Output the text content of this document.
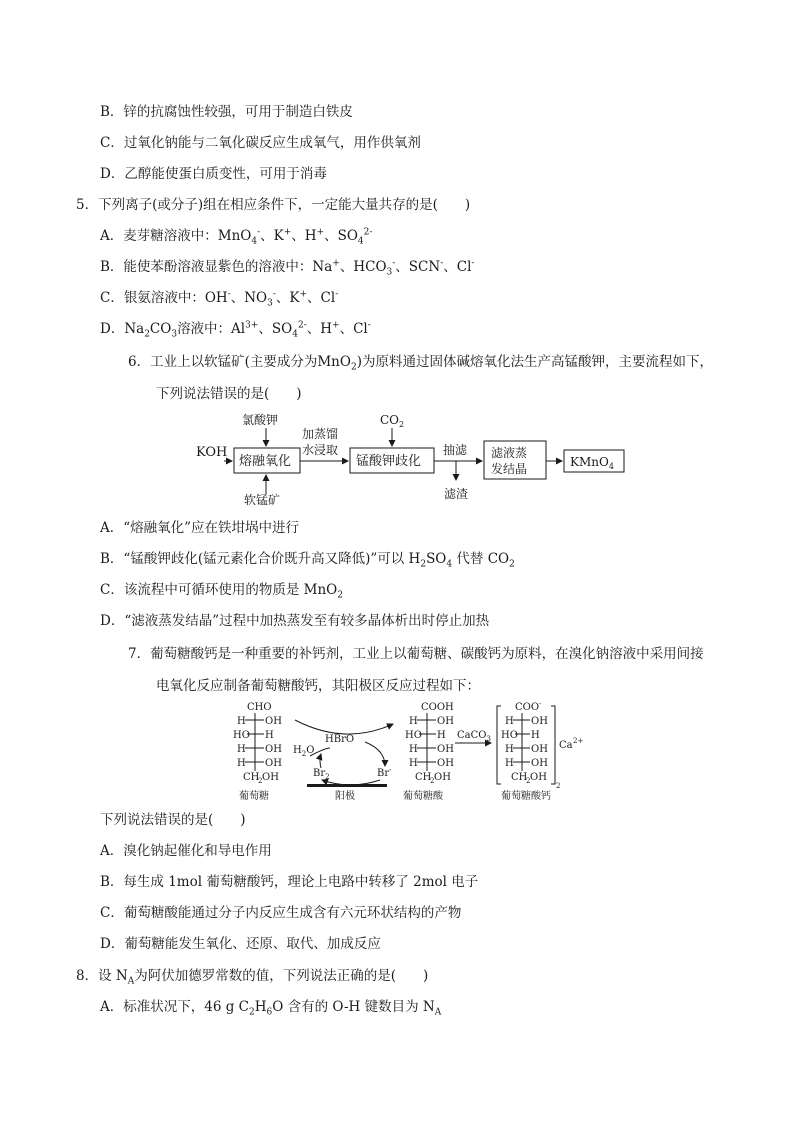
B．锌的抗腐蚀性较强，可用于制造白铁皮
C．过氧化钠能与二氧化碳反应生成氧气，用作供氧剂
D．乙醇能使蛋白质变性，可用于消毒
5．下列离子(或分子)组在相应条件下，一定能大量共存的是(　　)
A．麦芽糖溶液中：MnO$_4$-、K+、H+、$SO_4^{2-}$
B．能使苯酚溶液显紫色的溶液中：Na+、$HCO_3^-$、SCN-、Cl-
C．银氨溶液中：OH-、$NO_3^-$、K+、Cl-
D．$Na_2CO_3$溶液中：$Al^{3+}$、$SO_4^{2-}$、H+、Cl-
6．工业上以软锰矿(主要成分为MnO$_2$)为原料通过固体碱熔氧化法生产高锰酸钾，主要流程如下，
下列说法错误的是(　　)
KOH
熔融氧化
氯酸钾
软锰矿
加蒸馏
水浸取
锰酸钾歧化
$CO_2$
抽滤
滤渣
滤液蒸
发结晶	KMnO$_4$
A．“熔融氧化”应在铁坩埚中进行
B．“锰酸钾歧化(锰元素化合价既升高又降低)”可以 $H_2SO_4$ 代替 $CO_2$
C．该流程中可循环使用的物质是 MnO$_2$
D．“滤液蒸发结晶”过程中加热蒸发至有较多晶体析出时停止加热
7．葡萄糖酸钙是一种重要的补钙剂，工业上以葡萄糖、碳酸钙为原料，在溴化钠溶液中采用间接
电氧化反应制备葡萄糖酸钙，其阳极区反应过程如下：
CHO
H OH
HO H
H OH
H OH
CH
2 OH
葡萄糖
HBrO
$H_2O$
Br-
$Br_2$
阳极
COOH
H OH
HO H
H OH
H OH
CH
2 OH
葡萄糖酸
CaCO$_3$
COO -
H OH
HO H
H OH
H OH
CH
2 OH
2
Ca 2+
葡萄糖酸钙
下列说法错误的是(　　)
A．溴化钠起催化和导电作用
B．每生成 1mol 葡萄糖酸钙，理论上电路中转移了 2mol 电子
C．葡萄糖酸能通过分子内反应生成含有六元环状结构的产物
D．葡萄糖能发生氧化、还原、取代、加成反应
8．设 $N_A$为阿伏加德罗常数的值，下列说法正确的是(　　)
A．标准状况下，46 g $C_2H_6O$ 含有的 O-H 键数目为 $N_A$
